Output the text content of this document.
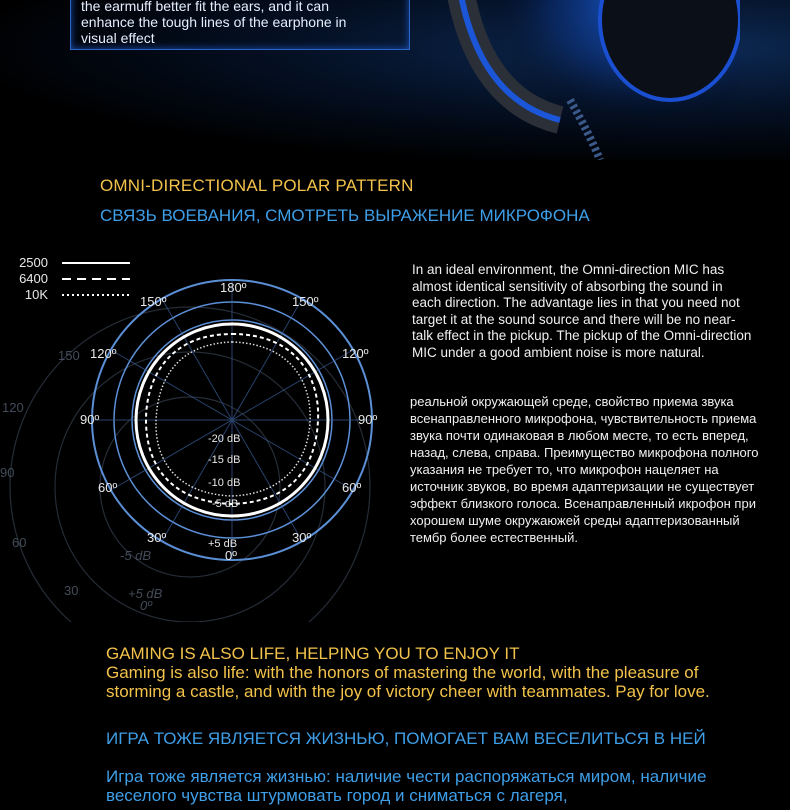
the earmuff better fit the ears, and it can
enhance the tough lines of the earphone in
visual effect
OMNI-DIRECTIONAL POLAR PATTERN
СВЯЗЬ ВОЕВАНИЯ, СМОТРЕТЬ ВЫРАЖЕНИЕ МИКРОФОНА
150
120
90
60
30
-5 dB
+5 dB
0º
180º
150º	150º
120º	120º
90º	90º
60º	60º
30º	30º
0º
-20 dB
-15 dB
-10 dB
-5 dB
+5 dB
2500
6400
10K
In an ideal environment, the Omni-direction MIC has almost identical sensitivity of absorbing the sound in each direction. The advantage lies in that you need not target it at the sound source and there will be no near-talk effect in the pickup. The pickup of the Omni-direction MIC under a good ambient noise is more natural.
реальной окружающей среде, свойство приема звука всенаправленного микрофона, чувствительность приема звука почти одинаковая в любом месте, то есть вперед, назад, слева, справа. Преимущество микрофона полного указания не требует то, что микрофон нацеляет на источник звуков, во время адаптеризации не существует эффект близкого голоса. Всенаправленный икрофон при хорошем шуме окружаюжей среды адаптеризованный тембр более естественный.
GAMING IS ALSO LIFE, HELPING YOU TO ENJOY IT
Gaming is also life: with the honors of mastering the world, with the pleasure of storming a castle, and with the joy of victory cheer with teammates. Pay for love.
ИГРА ТОЖЕ ЯВЛЯЕТСЯ ЖИЗНЬЮ, ПОМОГАЕТ ВАМ ВЕСЕЛИТЬСЯ В НЕЙ
Игра тоже является жизнью: наличие чести распоряжаться миром, наличие веселого чувства штурмовать город и сниматься с лагеря,
